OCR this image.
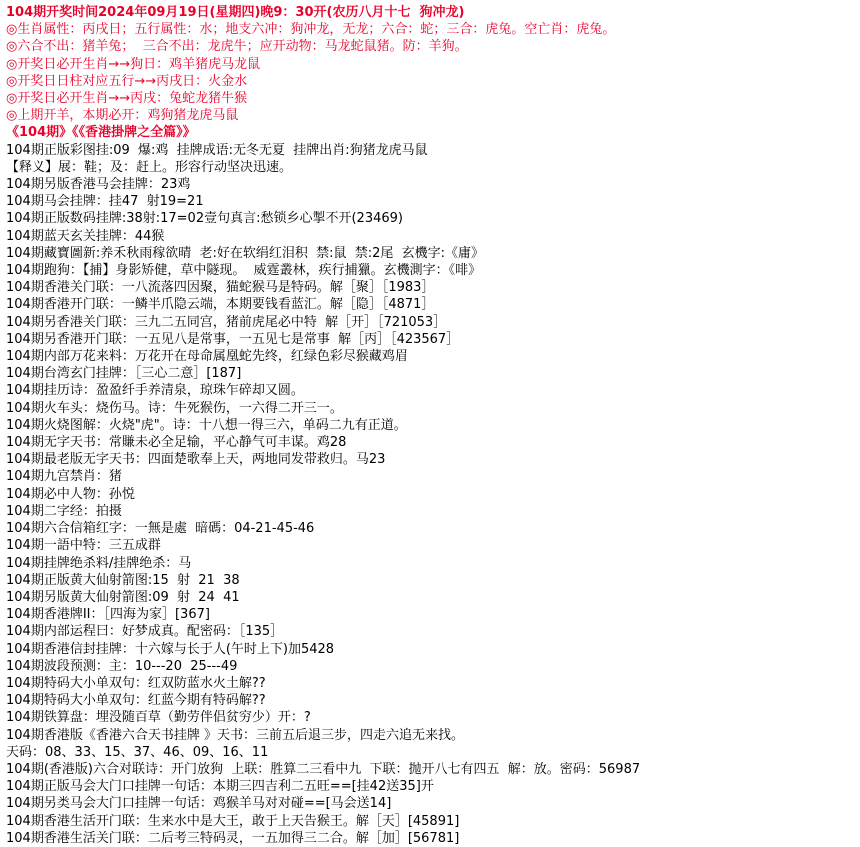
104期开奖时间2024年09月19日(星期四)晚9：30开(农历八月十七  狗冲龙)
◎生肖属性：丙戌日；五行属性：水；地支六冲：狗冲龙，无龙；六合：蛇；三合：虎兔。空亡肖：虎兔。
◎六合不出：猪羊兔；  三合不出：龙虎牛；应开动物：马龙蛇鼠猪。防：羊狗。
◎开奖日必开生肖→→狗日：鸡羊猪虎马龙鼠
◎开奖日日柱对应五行→→丙戌日：火金水
◎开奖日必开生肖→→丙戌：兔蛇龙猪牛猴
◎上期开羊，本期必开：鸡狗猪龙虎马鼠
《104期》《《香港掛牌之全篇》》
104期正版彩图挂:09  爆:鸡  挂牌成语:无冬无夏  挂牌出肖:狗猪龙虎马鼠
【释义】展：鞋；及：赶上。形容行动坚决迅速。
104期另版香港马会挂牌：23鸡
104期马会挂牌：挂47  射19=21
104期正版数码挂牌:38射:17=02壹句真言:愁锁乡心掣不开(23469)
104期蓝天玄关挂牌：44猴
104期藏寶圖新:养禾秋雨稼欲晴  老:好在软绢红泪积  禁:鼠  禁:2尾  玄機字:《庸》
104期跑狗：【捕】身影矫健，草中隧现。  威霆叢林，疾行捕獵。玄機測字：《啡》
104期香港关门联：一八流落四因聚，猫蛇猴马是特码。解［聚］［1983］
104期香港开门联：一鳞半爪隐云端，本期要钱看蓝汇。解［隐］［4871］
104期另香港关门联：三九二五同宫，猪前虎尾必中特  解［开］［721053］
104期另香港开门联：一五见八是常事，一五见七是常事  解［丙］［423567］
104期内部万花来料：万花开在母命属凰蛇先终，红绿色彩尽猴藏鸡眉
104期台湾玄门挂牌：［三心二意］[187]
104期挂历诗：盈盈纤手养清泉，琼珠乍碎却又圆。
104期火车头：烧伤马。诗：牛死猴伤，一六得二开三一。
104期火烧图解：火烧"虎"。诗：十八想一得三六，单码二九有正道。
104期无字天书：常賺未必全足输，平心静气可丰谋。鸡28
104期最老版无字天书：四面楚歌奉上天，两地同发带救归。马23
104期九宫禁肖：猪
104期必中人物：孙悦
104期二字经：拍摄
104期六合信箱红字：一無是處  暗碼：04-21-45-46
104期一語中特：三五成群
104期挂牌绝杀料/挂牌绝杀：马
104期正版黄大仙射箭图:15  射  21  38
104期另版黄大仙射箭图:09  射  24  41
104期香港牌II：［四海为家］[367]
104期内部运程曰：好梦成真。配密码：［135］
104期香港信封挂牌：十六嫁与长于人(午时上下)加5428
104期波段预测：主：10---20  25---49
104期特码大小单双句：红双防蓝水火土解??
104期特码大小单双句：红蓝今期有特码解??
104期铁算盘：埋没随百草（勤劳伴侣贫穷少）开：?
104期香港版《香港六合天书挂牌 》天书：三前五后退三步，四走六追无来找。
天码：08、33、15、37、46、09、16、11
104期(香港版)六合对联诗：开门放狗  上联：胜算二三看中九  下联：抛开八七有四五  解：放。密码：56987
104期正版马会大门口挂牌一句话：本期三四吉利二五旺==[挂42送35]开
104期另类马会大门口挂牌一句话：鸡猴羊马对对碰==[马会送14]
104期香港生活开门联：生来水中是大王，敢于上天告猴王。解［天］[45891]
104期香港生活关门联：二后考三特码灵，一五加得三二合。解［加］[56781]
